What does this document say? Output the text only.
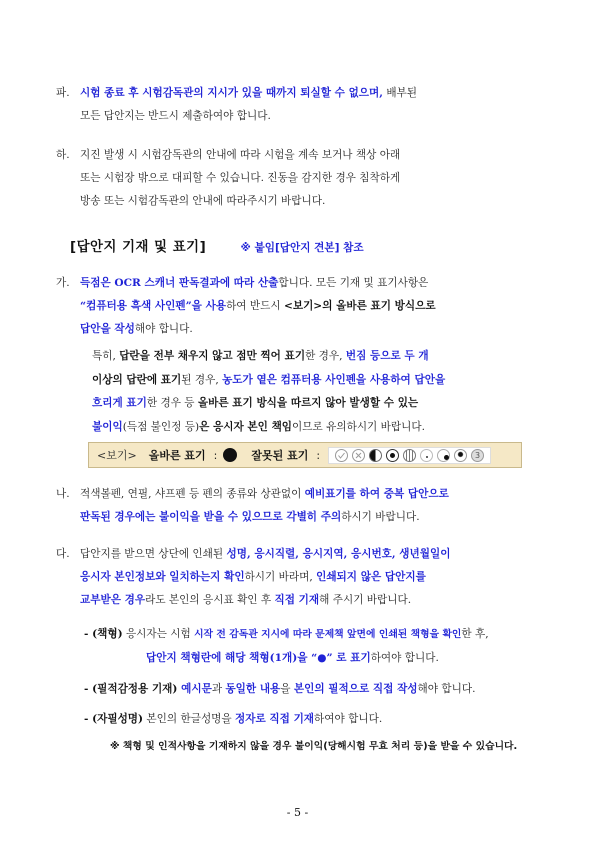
파. 시험 종료 후 시험감독관의 지시가 있을 때까지 퇴실할 수 없으며, 배부된
모든 답안지는 반드시 제출하여야 합니다.

하. 지진 발생 시 시험감독관의 안내에 따라 시험을 계속 보거나 책상 아래
또는 시험장 밖으로 대피할 수 있습니다. 진동을 감지한 경우 침착하게
방송 또는 시험감독관의 안내에 따라주시기 바랍니다.

[답안지 기재 및 표기]	※ 붙임[답안지 견본] 참조

가. 득점은 OCR 스캐너 판독결과에 따라 산출합니다. 모든 기재 및 표기사항은
“컴퓨터용 흑색 사인펜”을 사용하여 반드시 <보기>의 올바른 표기 방식으로
답안을 작성해야 합니다.

특히, 답란을 전부 채우지 않고 점만 찍어 표기한 경우, 번짐 등으로 두 개
이상의 답란에 표기된 경우, 농도가 옅은 컴퓨터용 사인펜을 사용하여 답안을
흐리게 표기한 경우 등 올바른 표기 방식을 따르지 않아 발생할 수 있는
불이익(득점 불인정 등)은 응시자 본인 책임이므로 유의하시기 바랍니다.

<보기> 올바른 표기 :	잘못된 표기 :	3

나. 적색볼펜, 연필, 샤프펜 등 펜의 종류와 상관없이 예비표기를 하여 중복 답안으로
판독된 경우에는 불이익을 받을 수 있으므로 각별히 주의하시기 바랍니다.

다. 답안지를 받으면 상단에 인쇄된 성명, 응시직렬, 응시지역, 응시번호, 생년월일이
응시자 본인정보와 일치하는지 확인하시기 바라며, 인쇄되지 않은 답안지를
교부받은 경우라도 본인의 응시표 확인 후 직접 기재해 주시기 바랍니다.

- (책형) 응시자는 시험 시작 전 감독관 지시에 따라 문제책 앞면에 인쇄된 책형을 확인한 후,

답안지 책형란에 해당 책형(1개)을 “●” 로 표기하여야 합니다.

- (필적감정용 기재) 예시문과 동일한 내용을 본인의 필적으로 직접 작성해야 합니다.

- (자필성명) 본인의 한글성명을 정자로 직접 기재하여야 합니다.

※ 책형 및 인적사항을 기재하지 않을 경우 불이익(당해시험 무효 처리 등)을 받을 수 있습니다.
- 5 -
